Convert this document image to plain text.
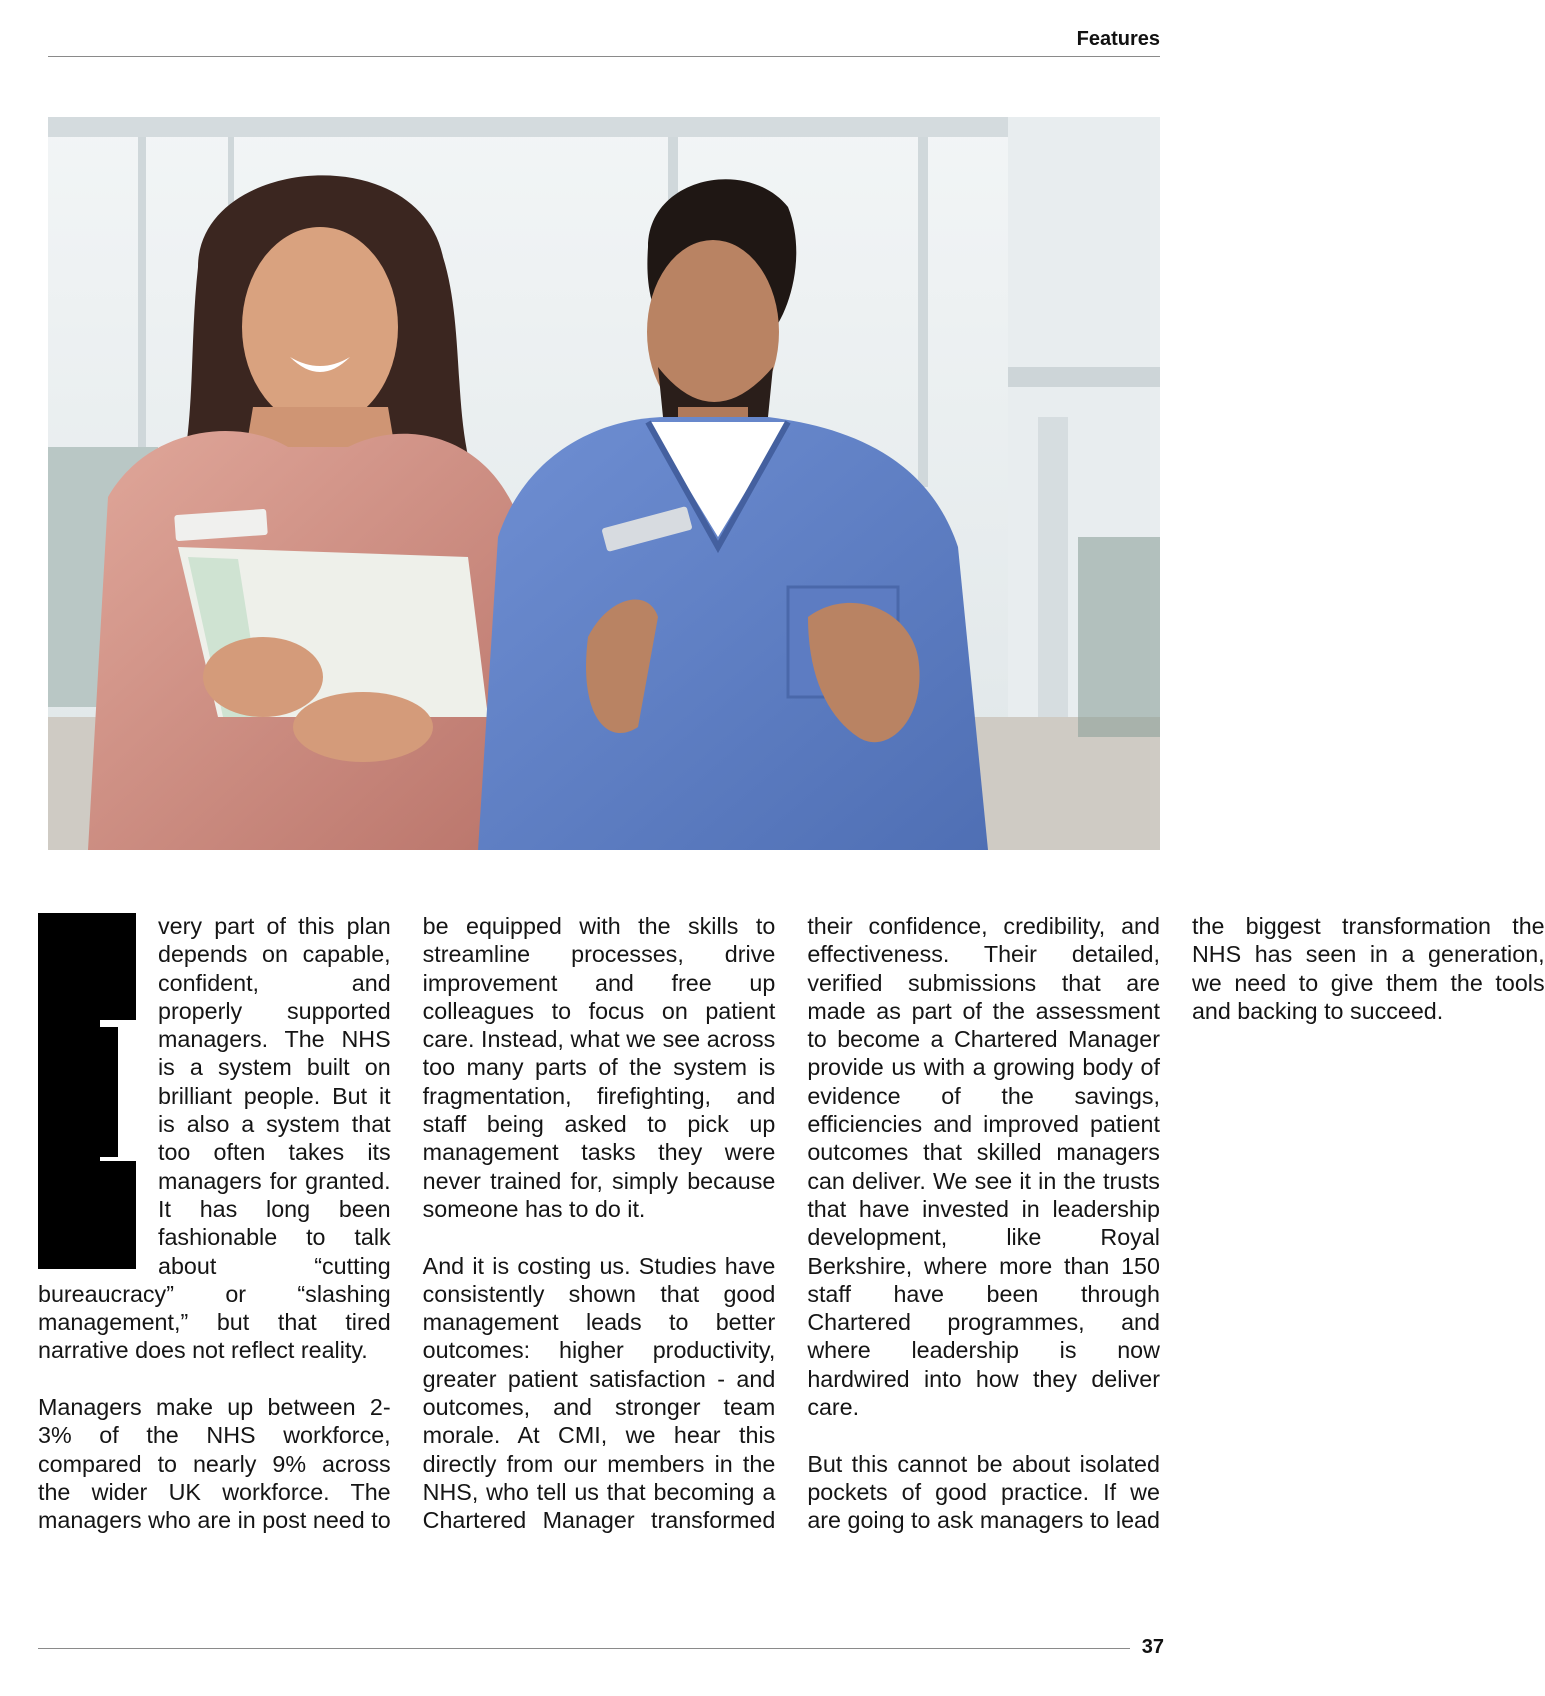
Features

very part of this plan depends on capable, confident, and properly supported managers. The NHS is a system built on brilliant people. But it is also a system that too often takes its managers for granted. It has long been fashionable to talk about “cutting bureaucracy” or “slashing management,” but that tired narrative does not reflect reality.

Managers make up between 2-3% of the NHS workforce, compared to nearly 9% across the wider UK workforce. The managers who are in post need to be equipped with the skills to streamline processes, drive improvement and free up colleagues to focus on patient care. Instead, what we see across too many parts of the system is fragmentation, firefighting, and staff being asked to pick up management tasks they were never trained for, simply because someone has to do it.

And it is costing us. Studies have consistently shown that good management leads to better outcomes: higher productivity, greater patient satisfaction - and outcomes, and stronger team morale. At CMI, we hear this directly from our members in the NHS, who tell us that becoming a Chartered Manager transformed their confidence, credibility, and effectiveness. Their detailed, verified submissions that are made as part of the assessment to become a Chartered Manager provide us with a growing body of evidence of the savings, efficiencies and improved patient outcomes that skilled managers can deliver. We see it in the trusts that have invested in leadership development, like Royal Berkshire, where more than 150 staff have been through Chartered programmes, and where leadership is now hardwired into how they deliver care.

But this cannot be about isolated pockets of good practice. If we are going to ask managers to lead the biggest transformation the NHS has seen in a generation, we need to give them the tools and backing to succeed.

37
